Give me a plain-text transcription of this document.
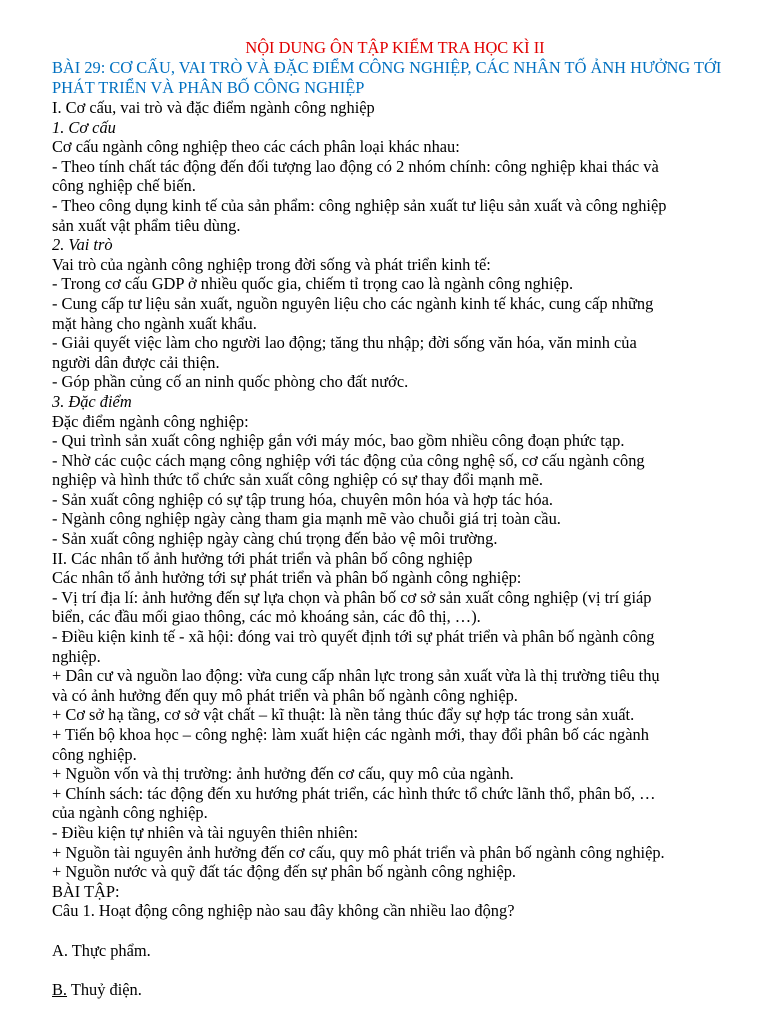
NỘI DUNG ÔN TẬP KIỂM TRA HỌC KÌ II

BÀI 29: CƠ CẤU, VAI TRÒ VÀ ĐẶC ĐIỂM CÔNG NGHIỆP, CÁC NHÂN TỐ ẢNH HƯỞNG TỚI PHÁT TRIỂN VÀ PHÂN BỐ CÔNG NGHIỆP

I. Cơ cấu, vai trò và đặc điểm ngành công nghiệp

1. Cơ cấu

Cơ cấu ngành công nghiệp theo các cách phân loại khác nhau:

- Theo tính chất tác động đến đối tượng lao động có 2 nhóm chính: công nghiệp khai thác và

công nghiệp chế biến.

- Theo công dụng kinh tế của sản phẩm: công nghiệp sản xuất tư liệu sản xuất và công nghiệp

sản xuất vật phẩm tiêu dùng.

2. Vai trò

Vai trò của ngành công nghiệp trong đời sống và phát triển kinh tế:

- Trong cơ cấu GDP ở nhiều quốc gia, chiếm tỉ trọng cao là ngành công nghiệp.

- Cung cấp tư liệu sản xuất, nguồn nguyên liệu cho các ngành kinh tế khác, cung cấp những

mặt hàng cho ngành xuất khẩu.

- Giải quyết việc làm cho người lao động; tăng thu nhập; đời sống văn hóa, văn minh của

người dân được cải thiện.

- Góp phần củng cố an ninh quốc phòng cho đất nước.

3. Đặc điểm

Đặc điểm ngành công nghiệp:

- Qui trình sản xuất công nghiệp gắn với máy móc, bao gồm nhiều công đoạn phức tạp.

- Nhờ các cuộc cách mạng công nghiệp với tác động của công nghệ số, cơ cấu ngành công

nghiệp và hình thức tổ chức sản xuất công nghiệp có sự thay đổi mạnh mẽ.

- Sản xuất công nghiệp có sự tập trung hóa, chuyên môn hóa và hợp tác hóa.

- Ngành công nghiệp ngày càng tham gia mạnh mẽ vào chuỗi giá trị toàn cầu.

- Sản xuất công nghiệp ngày càng chú trọng đến bảo vệ môi trường.

II. Các nhân tố ảnh hưởng tới phát triển và phân bố công nghiệp

Các nhân tố ảnh hưởng tới sự phát triển và phân bố ngành công nghiệp:

- Vị trí địa lí: ảnh hưởng đến sự lựa chọn và phân bố cơ sở sản xuất công nghiệp (vị trí giáp

biển, các đầu mối giao thông, các mỏ khoáng sản, các đô thị, …).

- Điều kiện kinh tế - xã hội: đóng vai trò quyết định tới sự phát triển và phân bố ngành công

nghiệp.

+ Dân cư và nguồn lao động: vừa cung cấp nhân lực trong sản xuất vừa là thị trường tiêu thụ

và có ảnh hưởng đến quy mô phát triển và phân bố ngành công nghiệp.

+ Cơ sở hạ tầng, cơ sở vật chất – kĩ thuật: là nền tảng thúc đẩy sự hợp tác trong sản xuất.

+ Tiến bộ khoa học – công nghệ: làm xuất hiện các ngành mới, thay đổi phân bố các ngành

công nghiệp.

+ Nguồn vốn và thị trường: ảnh hưởng đến cơ cấu, quy mô của ngành.

+ Chính sách: tác động đến xu hướng phát triển, các hình thức tổ chức lãnh thổ, phân bố, …

của ngành công nghiệp.

- Điều kiện tự nhiên và tài nguyên thiên nhiên:

+ Nguồn tài nguyên ảnh hưởng đến cơ cấu, quy mô phát triển và phân bố ngành công nghiệp.

+ Nguồn nước và quỹ đất tác động đến sự phân bố ngành công nghiệp.

BÀI TẬP:

Câu 1. Hoạt động công nghiệp nào sau đây không cần nhiều lao động?

A. Thực phẩm.

B. Thuỷ điện.
